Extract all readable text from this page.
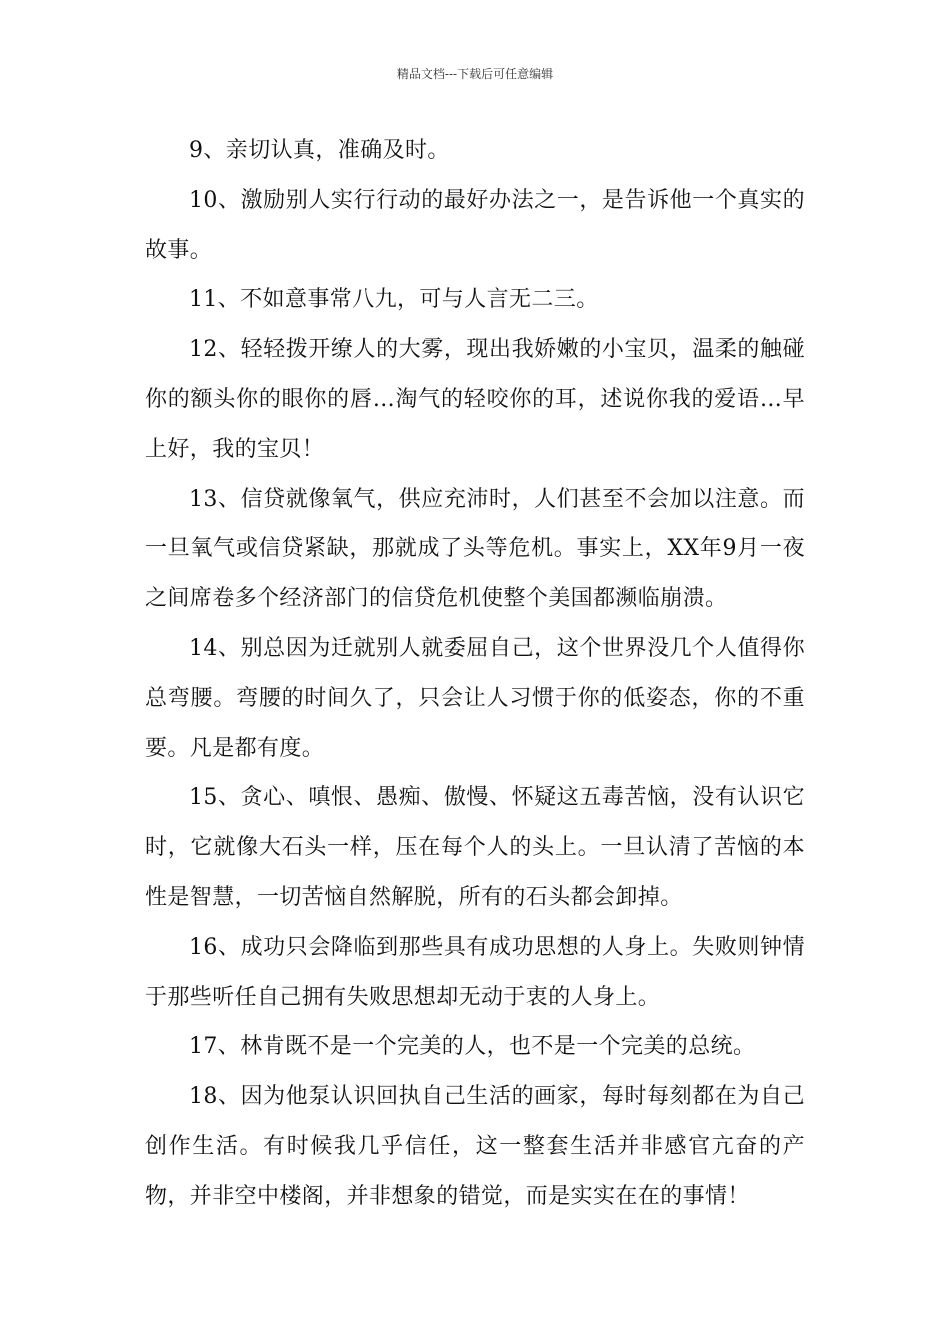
精品文档---下载后可任意编辑

9、亲切认真，准确及时。

10、激励别人实行行动的最好办法之一，是告诉他一个真实的故事。

11、不如意事常八九，可与人言无二三。

12、轻轻拨开缭人的大雾，现出我娇嫩的小宝贝，温柔的触碰你的额头你的眼你的唇…淘气的轻咬你的耳，述说你我的爱语…早上好，我的宝贝！

13、信贷就像氧气，供应充沛时，人们甚至不会加以注意。而一旦氧气或信贷紧缺，那就成了头等危机。事实上，XX年9月一夜之间席卷多个经济部门的信贷危机使整个美国都濒临崩溃。

14、别总因为迁就别人就委屈自己，这个世界没几个人值得你总弯腰。弯腰的时间久了，只会让人习惯于你的低姿态，你的不重要。凡是都有度。

15、贪心、嗔恨、愚痴、傲慢、怀疑这五毒苦恼，没有认识它时，它就像大石头一样，压在每个人的头上。一旦认清了苦恼的本性是智慧，一切苦恼自然解脱，所有的石头都会卸掉。

16、成功只会降临到那些具有成功思想的人身上。失败则钟情于那些听任自己拥有失败思想却无动于衷的人身上。

17、林肯既不是一个完美的人，也不是一个完美的总统。

18、因为他泵认识回执自己生活的画家，每时每刻都在为自己创作生活。有时候我几乎信任，这一整套生活并非感官亢奋的产物，并非空中楼阁，并非想象的错觉，而是实实在在的事情！
